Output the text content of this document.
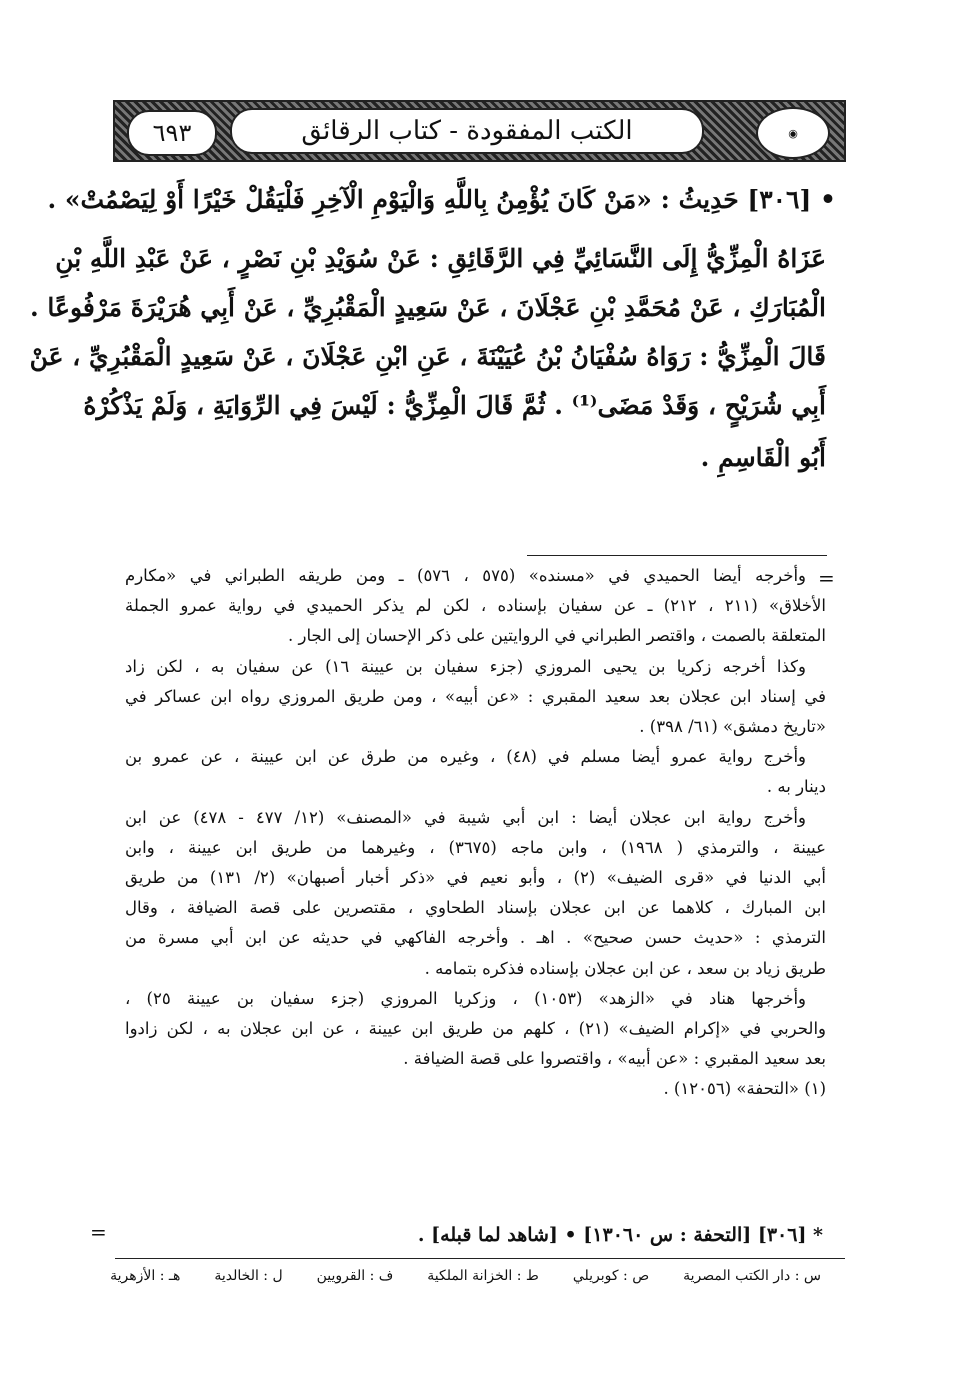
◉
الكتب المفقودة - كتاب الرقائق
٦٩٣
• [٣٠٦] حَدِيثُ : «مَنْ كَانَ يُؤْمِنُ بِاللَّهِ وَالْيَوْمِ الْآخِرِ فَلْيَقُلْ خَيْرًا أَوْ لِيَصْمُتْ» .
عَزَاهُ الْمِزِّيُّ إِلَى النَّسَائِيِّ فِي الرَّقَائِقِ : عَنْ سُوَيْدِ بْنِ نَصْرٍ ، عَنْ عَبْدِ اللَّهِ بْنِ
الْمُبَارَكِ ، عَنْ مُحَمَّدِ بْنِ عَجْلَانَ ، عَنْ سَعِيدٍ الْمَقْبُرِيِّ ، عَنْ أَبِي هُرَيْرَةَ مَرْفُوعًا .
قَالَ الْمِزِّيُّ : رَوَاهُ سُفْيَانُ بْنُ عُيَيْنَةَ ، عَنِ ابْنِ عَجْلَانَ ، عَنْ سَعِيدٍ الْمَقْبُرِيِّ ، عَنْ
أَبِي شُرَيْحٍ ، وَقَدْ مَضَى⁽¹⁾ . ثُمَّ قَالَ الْمِزِّيُّ : لَيْسَ فِي الرِّوَايَةِ ، وَلَمْ يَذْكُرْهُ
أَبُو الْقَاسِمِ .
=
وأخرجه أيضا الحميدي في «مسنده» (٥٧٥ ، ٥٧٦) ـ ومن طريقه الطبراني في «مكارم
الأخلاق» (٢١١ ، ٢١٢) ـ عن سفيان بإسناده ، لكن لم يذكر الحميدي في رواية عمرو الجملة
المتعلقة بالصمت ، واقتصر الطبراني في الروايتين على ذكر الإحسان إلى الجار .
وكذا أخرجه زكريا بن يحيى المروزي (جزء سفيان بن عيينة ١٦) عن سفيان به ، لكن زاد
في إسناد ابن عجلان بعد سعيد المقبري : «عن أبيه» ، ومن طريق المروزي رواه ابن عساكر في
«تاريخ دمشق» (٦١/ ٣٩٨) .
وأخرج رواية عمرو أيضا مسلم في (٤٨) ، وغيره من طرق عن ابن عيينة ، عن عمرو بن
دينار به .
وأخرج رواية ابن عجلان أيضا : ابن أبي شيبة في «المصنف» (١٢/ ٤٧٧ - ٤٧٨) عن ابن
عيينة ، والترمذي ( ١٩٦٨) ، وابن ماجه (٣٦٧٥) ، وغيرهما من طريق ابن عيينة ، وابن
أبي الدنيا في «قرى الضيف» (٢) ، وأبو نعيم في «ذكر أخبار أصبهان» (٢/ ١٣١) من طريق
ابن المبارك ، كلاهما عن ابن عجلان بإسناد الطحاوي ، مقتصرين على قصة الضيافة ، وقال
الترمذي : «حديث حسن صحيح» . اهـ . وأخرجه الفاكهي في حديثه عن ابن أبي مسرة من
طريق زياد بن سعد ، عن ابن عجلان بإسناده فذكره بتمامه .
وأخرجها هناد في «الزهد» (١٠٥٣) ، وزكريا المروزي (جزء سفيان بن عيينة ٢٥) ،
والحربي في «إكرام الضيف» (٢١) ، كلهم من طريق ابن عيينة ، عن ابن عجلان به ، لكن زادوا
بعد سعيد المقبري : «عن أبيه» ، واقتصروا على قصة الضيافة .
(١) «التحفة» (١٢٠٥٦) .
=	* [٣٠٦] [التحفة : س ١٣٠٦٠] • [شاهد لما قبله] .
س : دار الكتب المصرية
ص : كوبريلي
ط : الخزانة الملكية
ف : القرويين
ل : الخالدية
هـ : الأزهرية
